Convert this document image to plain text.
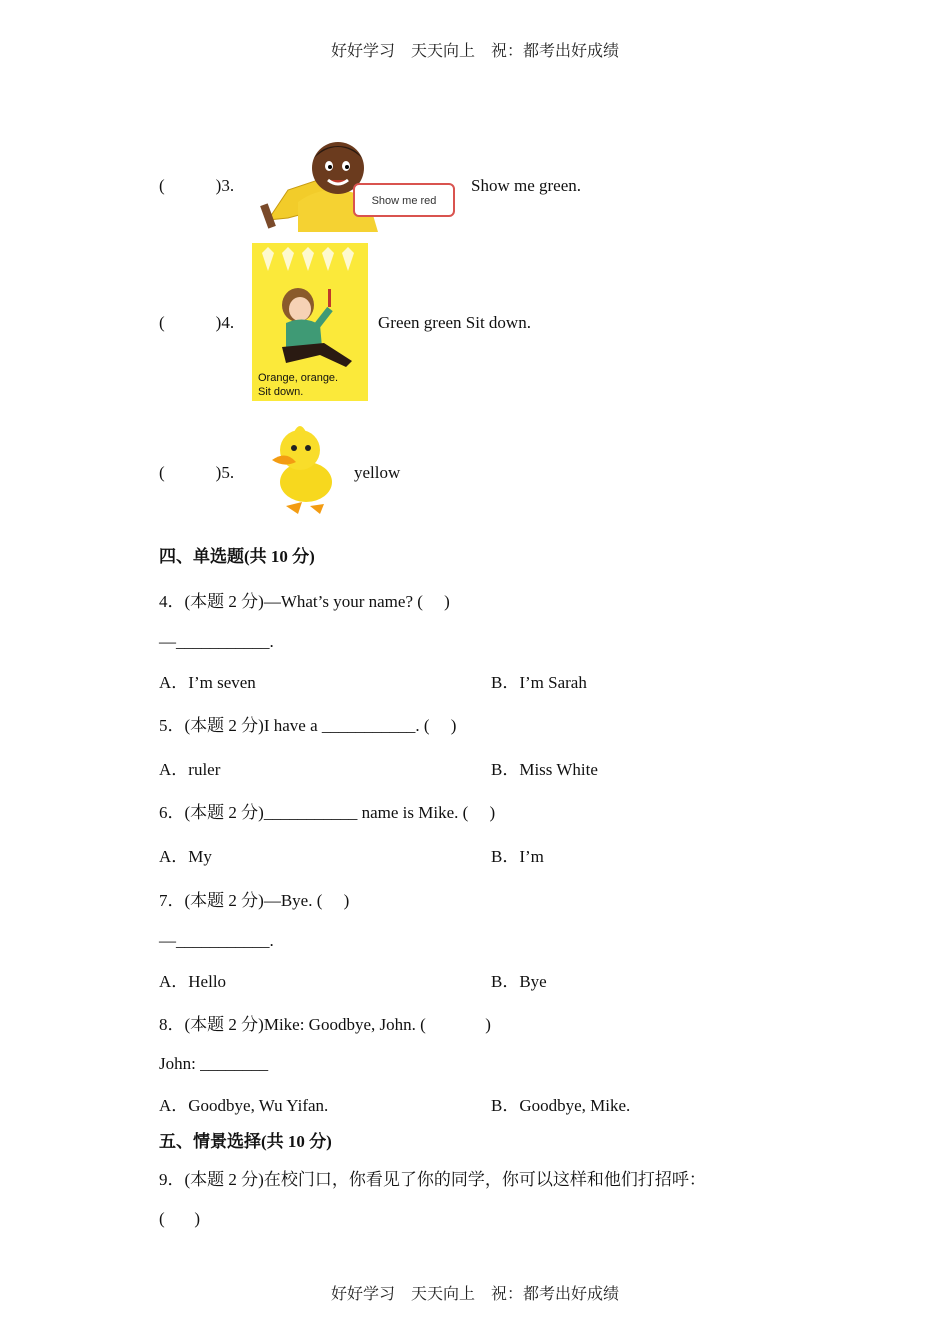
好好学习　天天向上　祝：都考出好成绩
(            )3.
Show me red
Show me green.
(            )4.
Orange, orange.
Sit down.
Green green Sit down.
(            )5.	yellow
四、单选题(共 10 分)
4．(本题 2 分)—What’s your name? (     )
—___________.
A．I’m seven	B．I’m Sarah
5．(本题 2 分)I have a ___________. (     )
A．ruler	B．Miss White
6．(本题 2 分)___________ name is Mike. (     )
A．My	B．I’m
7．(本题 2 分)—Bye. (     )
—___________.
A．Hello	B．Bye
8．(本题 2 分)Mike: Goodbye, John. (              )
John: ________
A．Goodbye, Wu Yifan.	B．Goodbye, Mike.
五、情景选择(共 10 分)
9．(本题 2 分)在校门口，你看见了你的同学，你可以这样和他们打招呼：
(       )
好好学习　天天向上　祝：都考出好成绩
